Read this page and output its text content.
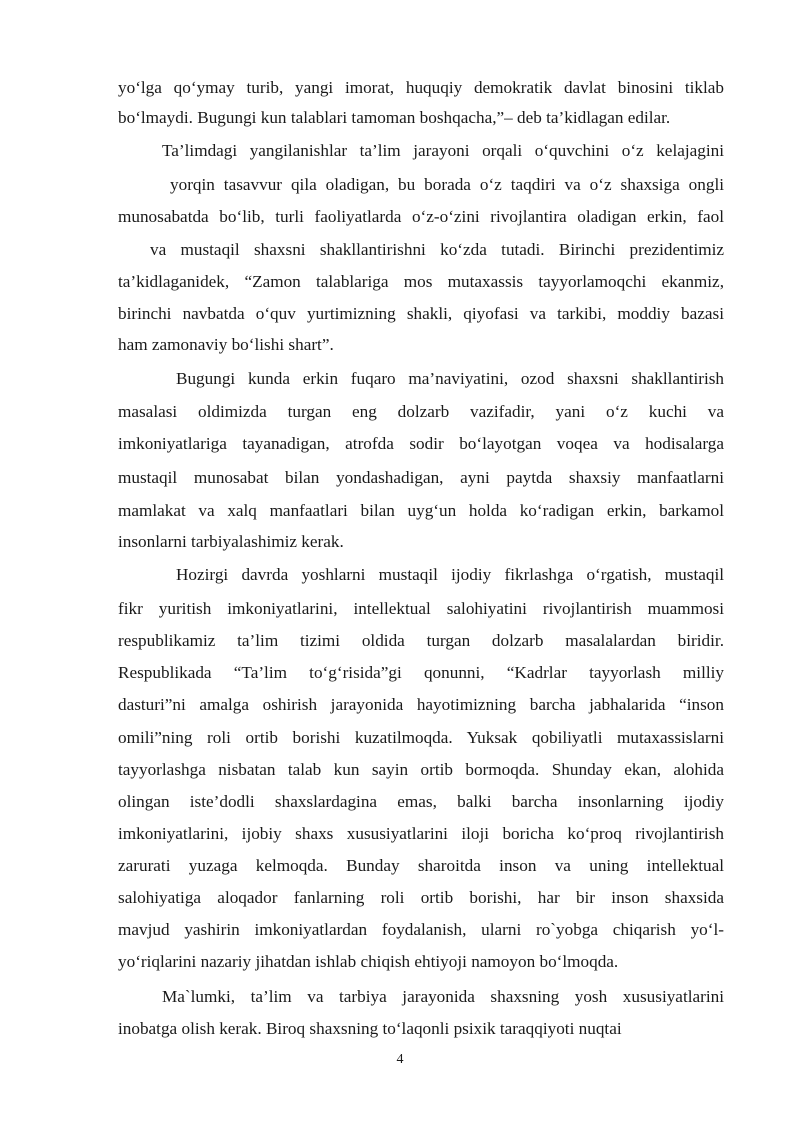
yo‘lga qo‘ymay turib, yangi imorat, huquqiy demokratik davlat binosini tiklab
bo‘lmaydi. Bugungi kun talablari tamoman boshqacha,”– deb ta’kidlagan edilar.
Ta’limdagi yangilanishlar ta’lim jarayoni orqali o‘quvchini o‘z kelajagini
yorqin tasavvur qila oladigan, bu borada o‘z taqdiri va o‘z shaxsiga ongli
munosabatda bo‘lib, turli faoliyatlarda o‘z-o‘zini rivojlantira oladigan erkin, faol
va mustaqil shaxsni shakllantirishni ko‘zda tutadi. Birinchi prezidentimiz
ta’kidlaganidek, “Zamon talablariga mos mutaxassis tayyorlamoqchi ekanmiz,
birinchi navbatda o‘quv yurtimizning shakli, qiyofasi va tarkibi, moddiy bazasi
ham zamonaviy bo‘lishi shart”.
Bugungi kunda erkin fuqaro ma’naviyatini, ozod shaxsni shakllantirish
masalasi oldimizda turgan eng dolzarb vazifadir, yani o‘z kuchi va
imkoniyatlariga tayanadigan, atrofda sodir bo‘layotgan voqea va hodisalarga
mustaqil munosabat bilan yondashadigan, ayni paytda shaxsiy manfaatlarni
mamlakat va xalq manfaatlari bilan uyg‘un holda ko‘radigan erkin, barkamol
insonlarni tarbiyalashimiz kerak.
Hozirgi davrda yoshlarni mustaqil ijodiy fikrlashga o‘rgatish, mustaqil
fikr yuritish imkoniyatlarini, intellektual salohiyatini rivojlantirish muammosi
respublikamiz ta’lim tizimi oldida turgan dolzarb masalalardan biridir.
Respublikada “Ta’lim to‘g‘risida”gi qonunni, “Kadrlar tayyorlash milliy
dasturi”ni amalga oshirish jarayonida hayotimizning barcha jabhalarida “inson
omili”ning roli ortib borishi kuzatilmoqda. Yuksak qobiliyatli mutaxassislarni
tayyorlashga nisbatan talab kun sayin ortib bormoqda. Shunday ekan, alohida
olingan iste’dodli shaxslardagina emas, balki barcha insonlarning ijodiy
imkoniyatlarini, ijobiy shaxs xususiyatlarini iloji boricha ko‘proq rivojlantirish
zarurati yuzaga kelmoqda. Bunday sharoitda inson va uning intellektual
salohiyatiga aloqador fanlarning roli ortib borishi, har bir inson shaxsida
mavjud yashirin imkoniyatlardan foydalanish, ularni ro`yobga chiqarish yo‘l-
yo‘riqlarini nazariy jihatdan ishlab chiqish ehtiyoji namoyon bo‘lmoqda.
Ma`lumki, ta’lim va tarbiya jarayonida shaxsning yosh xususiyatlarini
inobatga olish kerak. Biroq shaxsning to‘laqonli psixik taraqqiyoti nuqtai
4
